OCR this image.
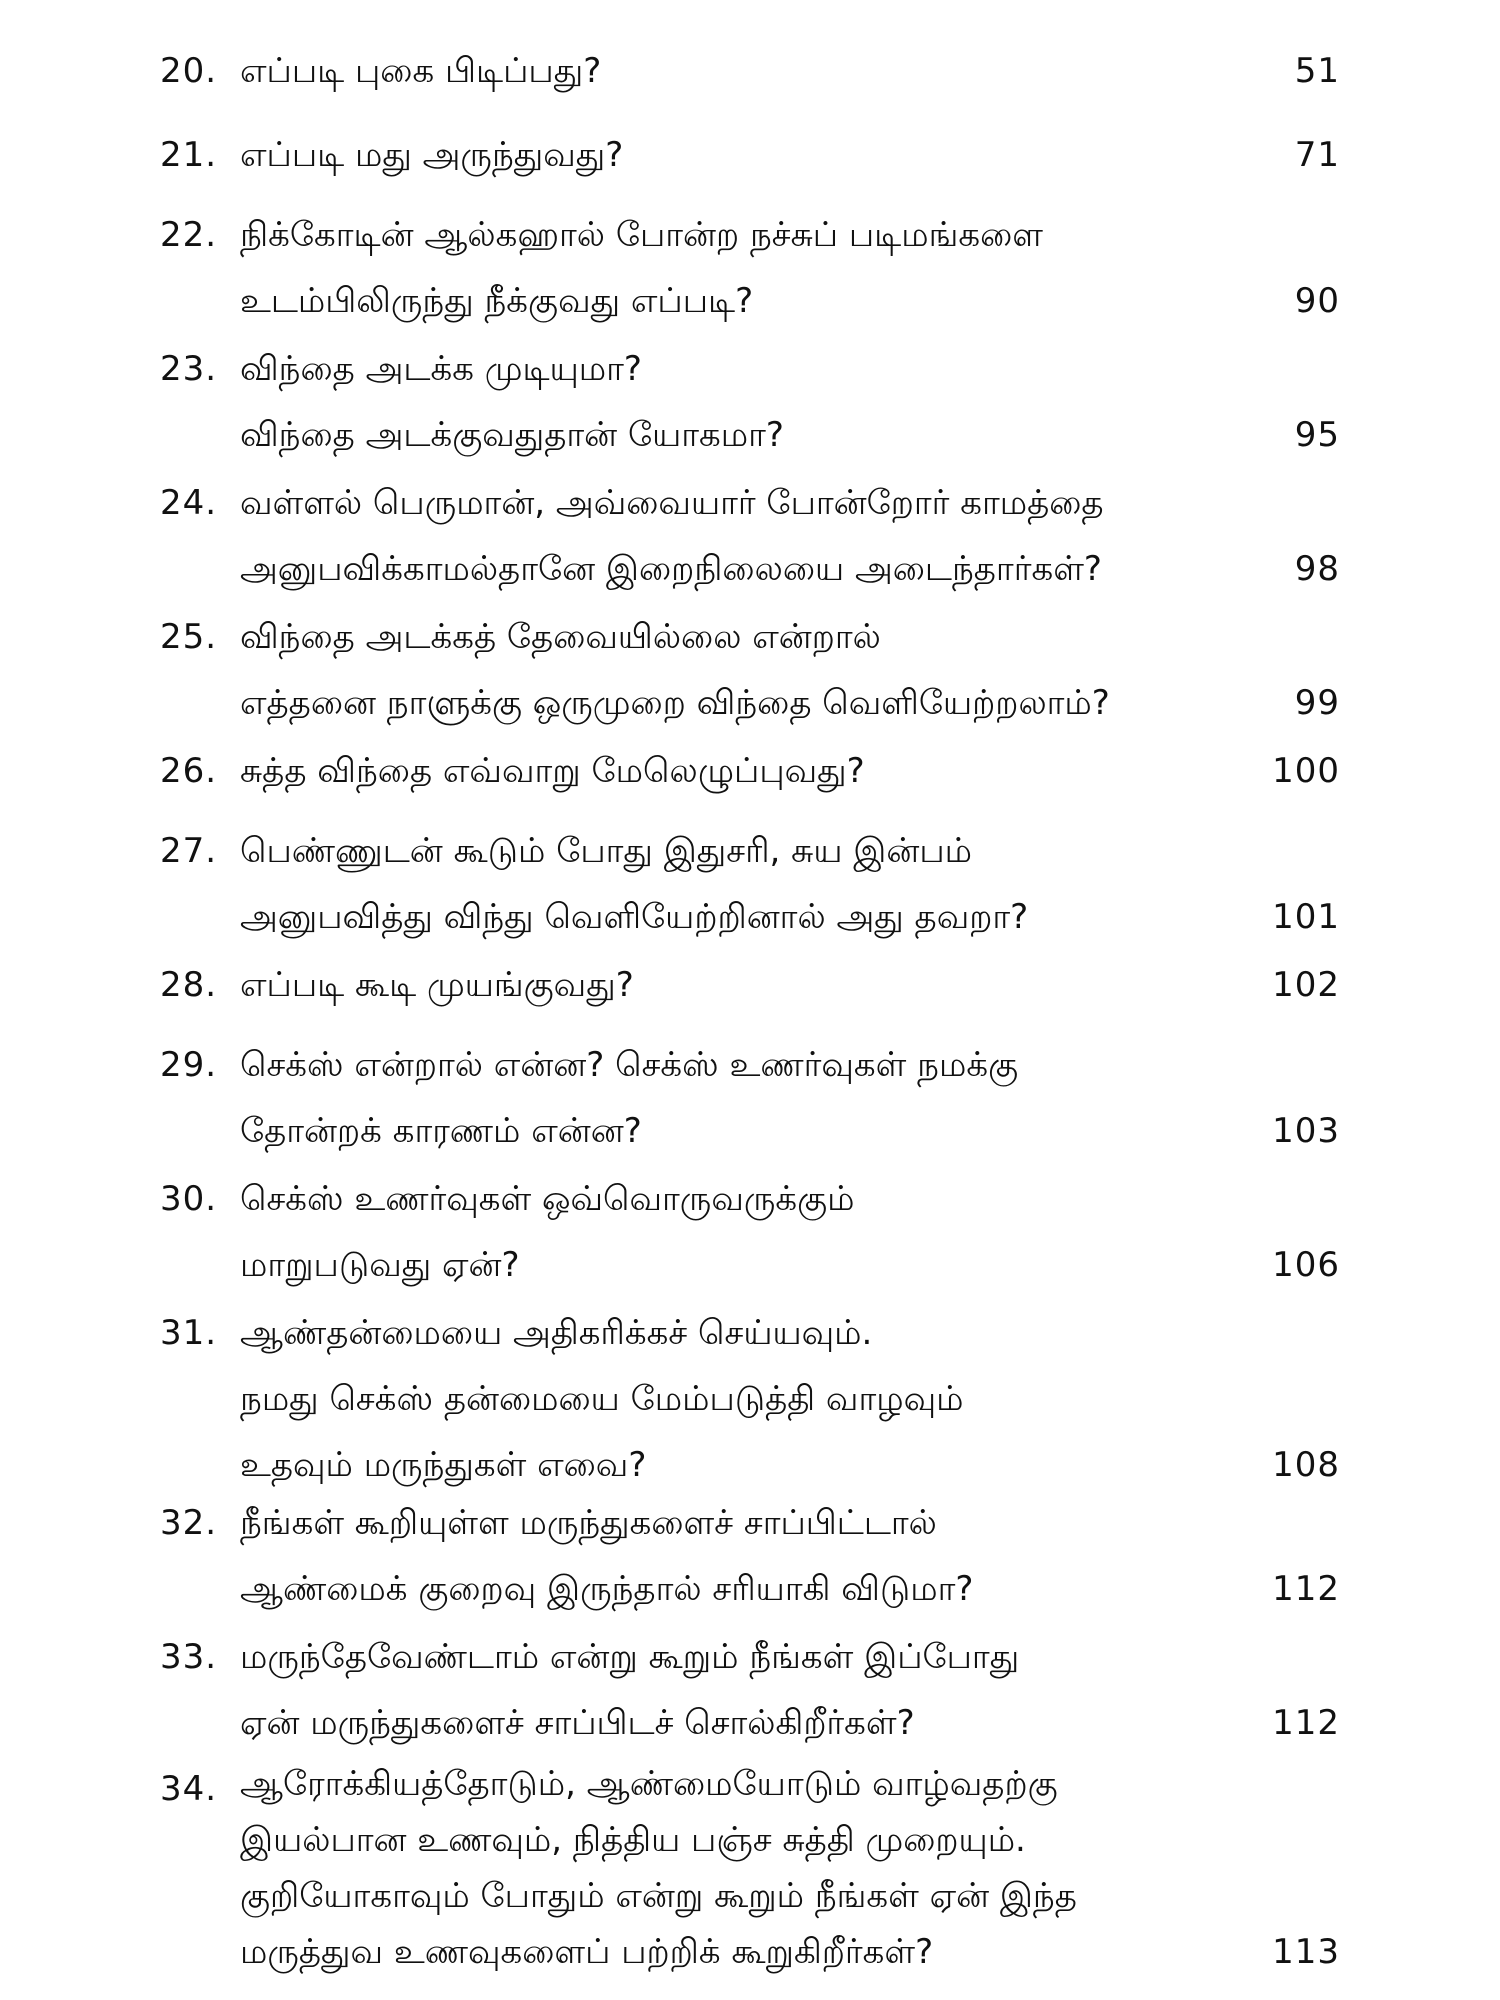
20. எப்படி புகை பிடிப்பது?	51
21. எப்படி மது அருந்துவது?	71
22. நிக்கோடின் ஆல்கஹால் போன்ற நச்சுப் படிமங்களை
உடம்பிலிருந்து நீக்குவது எப்படி?	90
23. விந்தை அடக்க முடியுமா?
விந்தை அடக்குவதுதான் யோகமா?	95
24. வள்ளல் பெருமான், அவ்வையார் போன்றோர் காமத்தை
அனுபவிக்காமல்தானே இறைநிலையை அடைந்தார்கள்?	98
25. விந்தை அடக்கத் தேவையில்லை என்றால்
எத்தனை நாளுக்கு ஒருமுறை விந்தை வெளியேற்றலாம்?	99
26. சுத்த விந்தை எவ்வாறு மேலெழுப்புவது?	100
27. பெண்ணுடன் கூடும் போது இதுசரி, சுய இன்பம்
அனுபவித்து விந்து வெளியேற்றினால் அது தவறா?	101
28. எப்படி கூடி முயங்குவது?	102
29. செக்ஸ் என்றால் என்ன? செக்ஸ் உணர்வுகள் நமக்கு
தோன்றக் காரணம் என்ன?	103
30. செக்ஸ் உணர்வுகள் ஒவ்வொருவருக்கும்
மாறுபடுவது ஏன்?	106
31. ஆண்தன்மையை அதிகரிக்கச் செய்யவும்.
நமது செக்ஸ் தன்மையை மேம்படுத்தி வாழவும்
உதவும் மருந்துகள் எவை?	108
32. நீங்கள் கூறியுள்ள மருந்துகளைச் சாப்பிட்டால்
ஆண்மைக் குறைவு இருந்தால் சரியாகி விடுமா?	112
33. மருந்தேவேண்டாம் என்று கூறும் நீங்கள் இப்போது
ஏன் மருந்துகளைச் சாப்பிடச் சொல்கிறீர்கள்?	112
34. ஆரோக்கியத்தோடும், ஆண்மையோடும் வாழ்வதற்கு
இயல்பான உணவும், நித்திய பஞ்ச சுத்தி முறையும்.
குறியோகாவும் போதும் என்று கூறும் நீங்கள் ஏன் இந்த
மருத்துவ உணவுகளைப் பற்றிக் கூறுகிறீர்கள்?	113
